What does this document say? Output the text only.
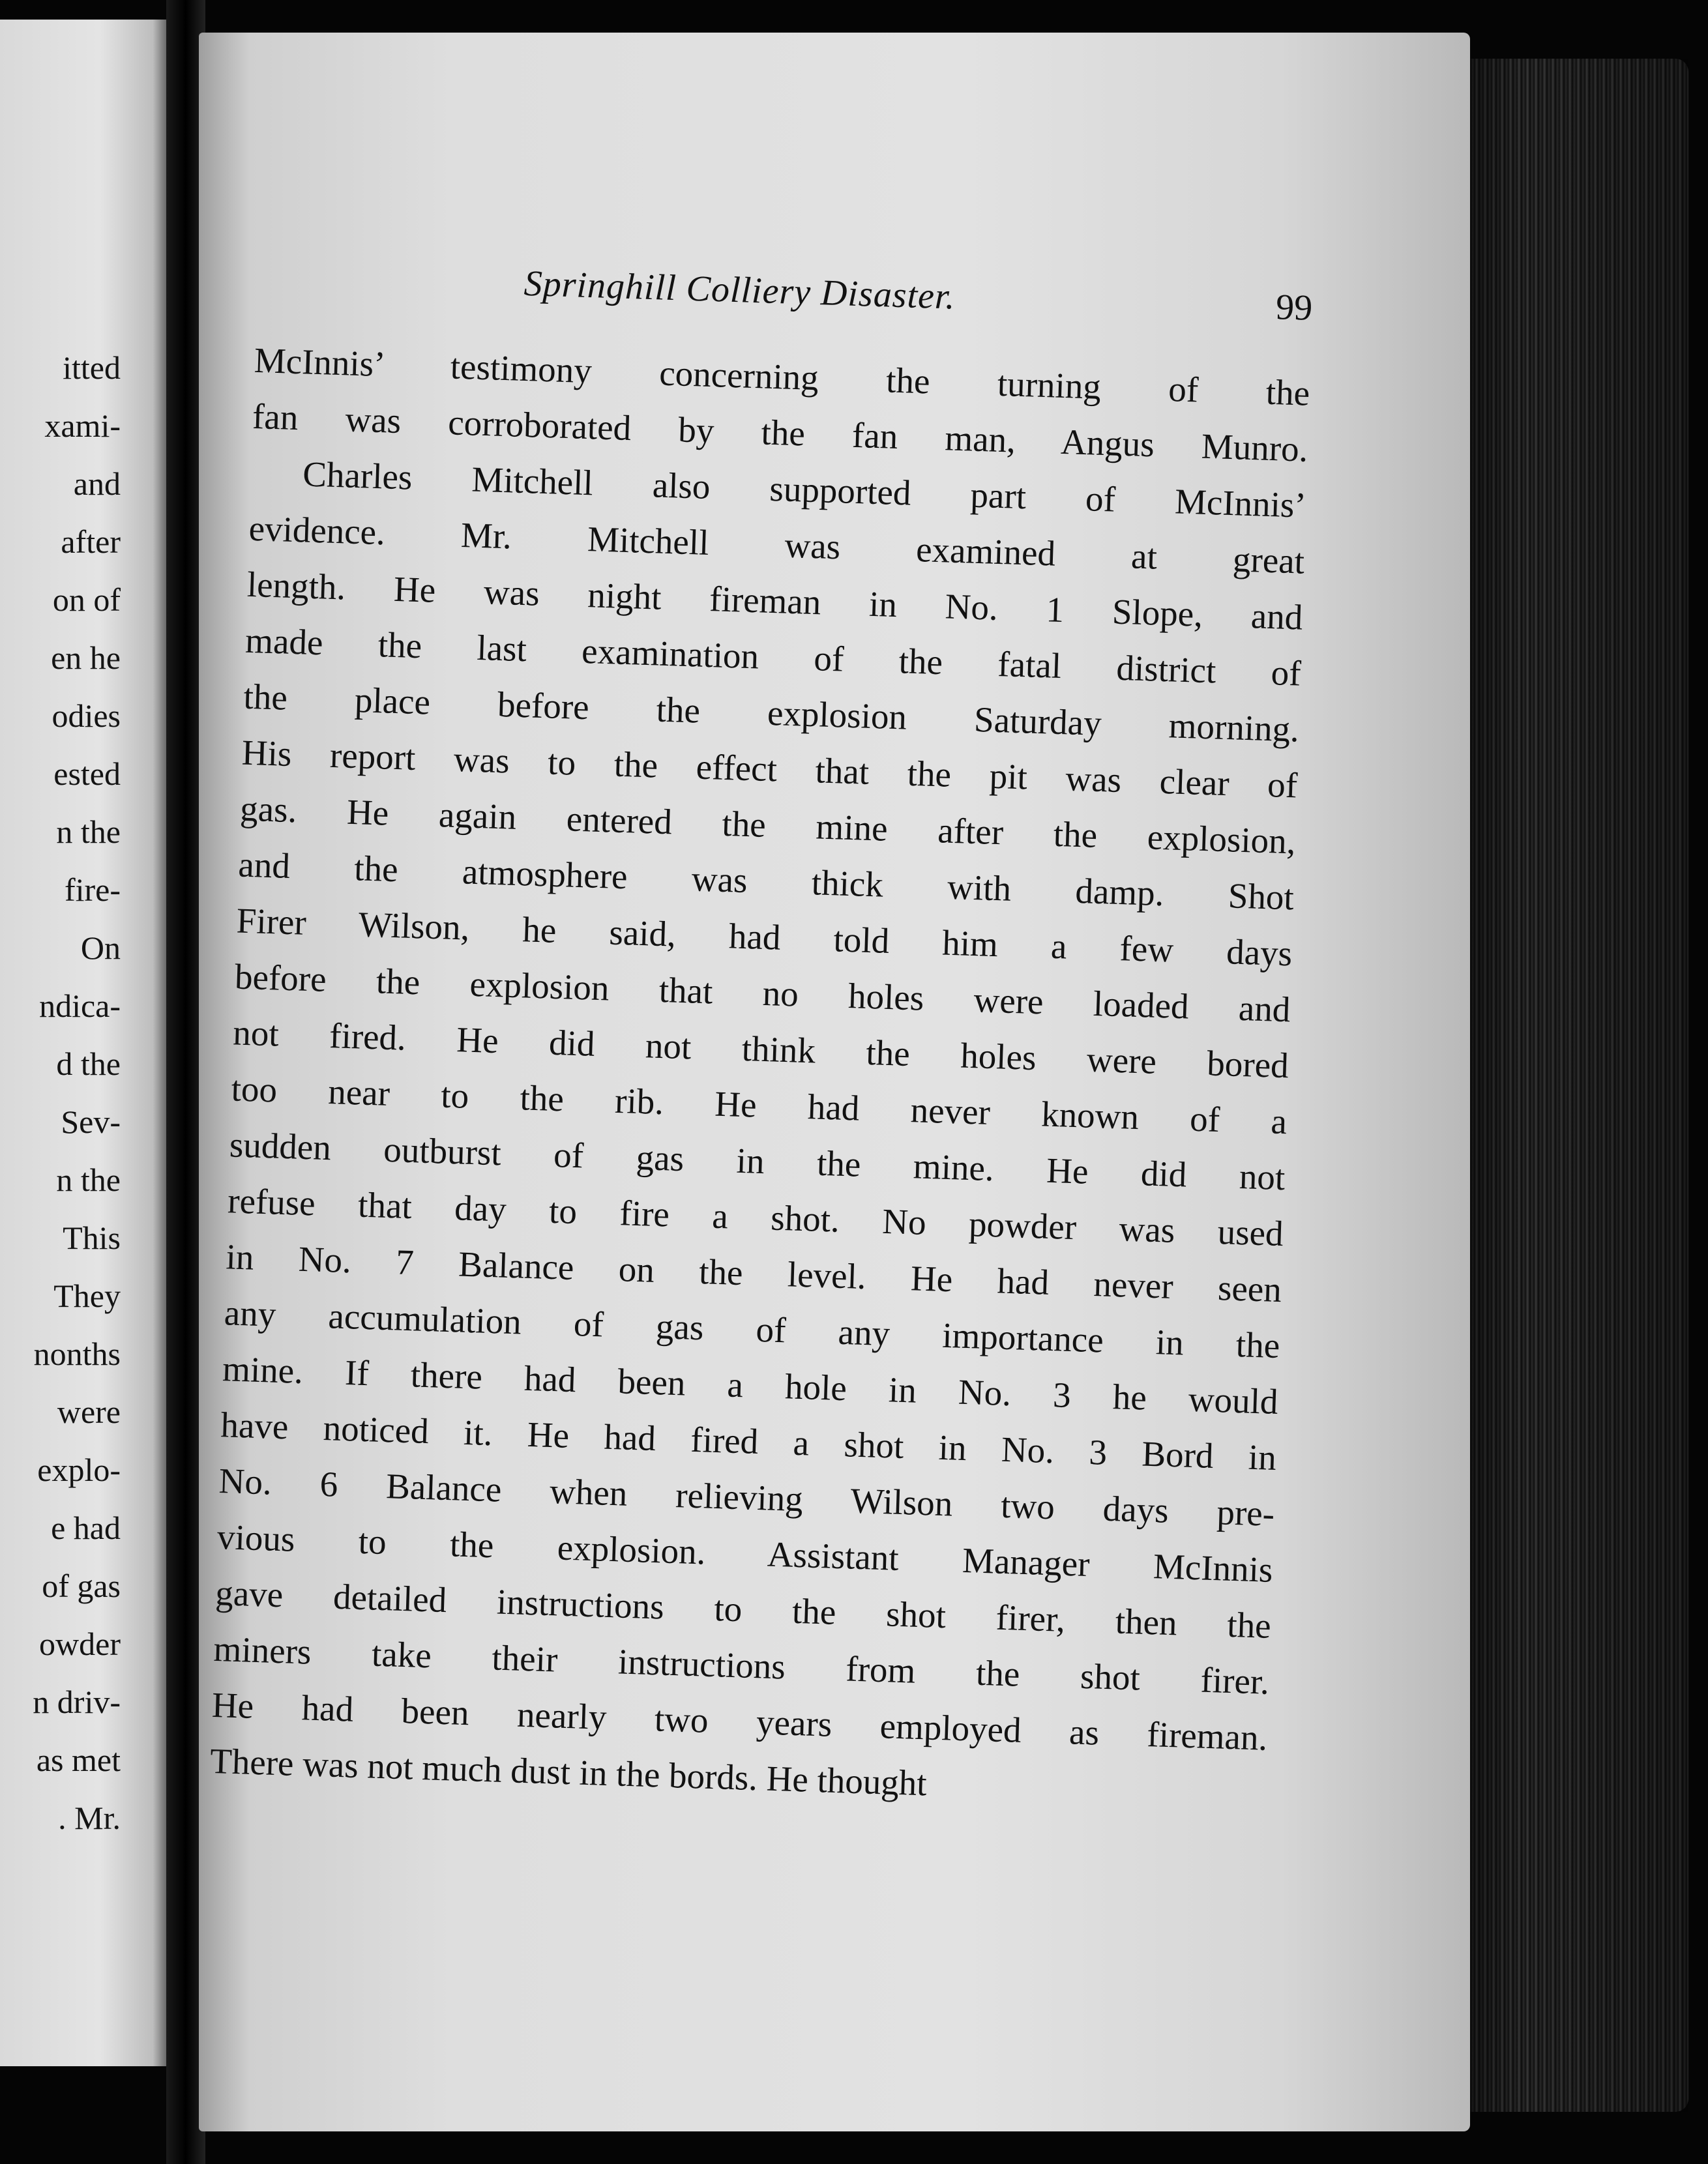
itted
xami-
and
after
on of
en he
odies
ested
n the
fire-
On
ndica-
d the
Sev-
n the
This
They
nonths
were
explo-
e had
of gas
owder
n driv-
as met
. Mr.
Springhill Colliery Disaster.	99
McInnis’ testimony concerning the turning of the
fan was corroborated by the fan man, Angus Munro.
Charles Mitchell also supported part of McInnis’
evidence. Mr. Mitchell was examined at great
length. He was night fireman in No. 1 Slope, and
made the last examination of the fatal district of
the place before the explosion Saturday morning.
His report was to the effect that the pit was clear of
gas. He again entered the mine after the explosion,
and the atmosphere was thick with damp. Shot
Firer Wilson, he said, had told him a few days
before the explosion that no holes were loaded and
not fired. He did not think the holes were bored
too near to the rib. He had never known of a
sudden outburst of gas in the mine. He did not
refuse that day to fire a shot. No powder was used
in No. 7 Balance on the level. He had never seen
any accumulation of gas of any importance in the
mine. If there had been a hole in No. 3 he would
have noticed it. He had fired a shot in No. 3 Bord in
No. 6 Balance when relieving Wilson two days pre-
vious to the explosion. Assistant Manager McInnis
gave detailed instructions to the shot firer, then the
miners take their instructions from the shot firer.
He had been nearly two years employed as fireman.
There was not much dust in the bords. He thought
